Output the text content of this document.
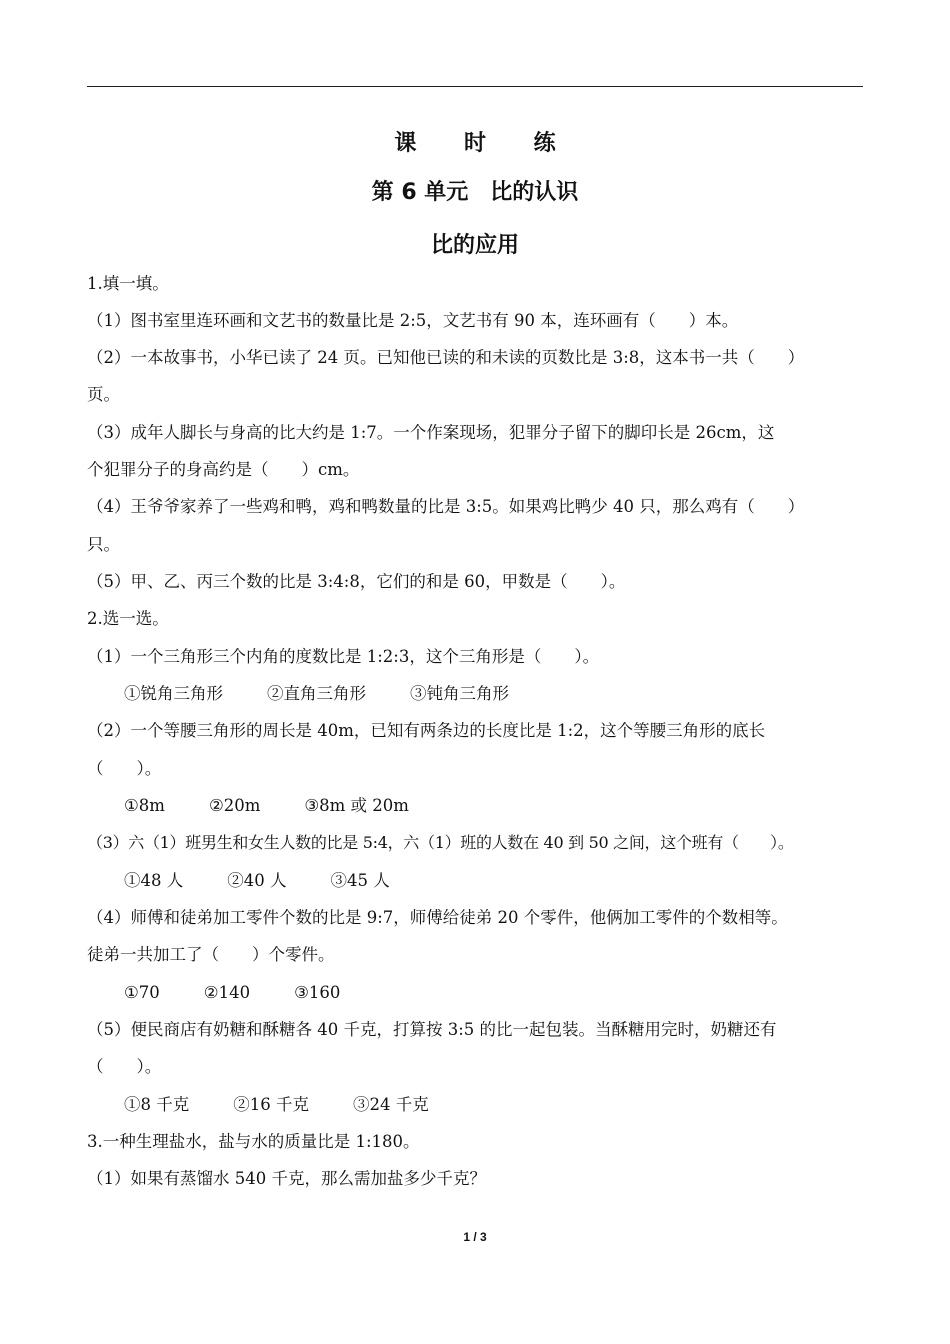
课 时 练
第 6 单元　比的认识
比的应用
1.填一填。
（1）图书室里连环画和文艺书的数量比是 2:5，文艺书有 90 本，连环画有（　　）本。
（2）一本故事书，小华已读了 24 页。已知他已读的和未读的页数比是 3:8，这本书一共（　　）
页。
（3）成年人脚长与身高的比大约是 1:7。一个作案现场，犯罪分子留下的脚印长是 26cm，这
个犯罪分子的身高约是（　　）cm。
（4）王爷爷家养了一些鸡和鸭，鸡和鸭数量的比是 3:5。如果鸡比鸭少 40 只，那么鸡有（　　）
只。
（5）甲、乙、丙三个数的比是 3:4:8，它们的和是 60，甲数是（　　）。
2.选一选。
（1）一个三角形三个内角的度数比是 1:2:3，这个三角形是（　　）。
①锐角三角形	②直角三角形	③钝角三角形
（2）一个等腰三角形的周长是 40m，已知有两条边的长度比是 1:2，这个等腰三角形的底长
（　　）。
①8m	②20m	③8m 或 20m
（3）六（1）班男生和女生人数的比是 5:4，六（1）班的人数在 40 到 50 之间，这个班有（　　）。
①48 人	②40 人	③45 人
（4）师傅和徒弟加工零件个数的比是 9:7，师傅给徒弟 20 个零件，他俩加工零件的个数相等。
徒弟一共加工了（　　）个零件。
①70	②140	③160
（5）便民商店有奶糖和酥糖各 40 千克，打算按 3:5 的比一起包装。当酥糖用完时，奶糖还有
（　　）。
①8 千克	②16 千克	③24 千克
3.一种生理盐水，盐与水的质量比是 1:180。
（1）如果有蒸馏水 540 千克，那么需加盐多少千克？
1 / 3
